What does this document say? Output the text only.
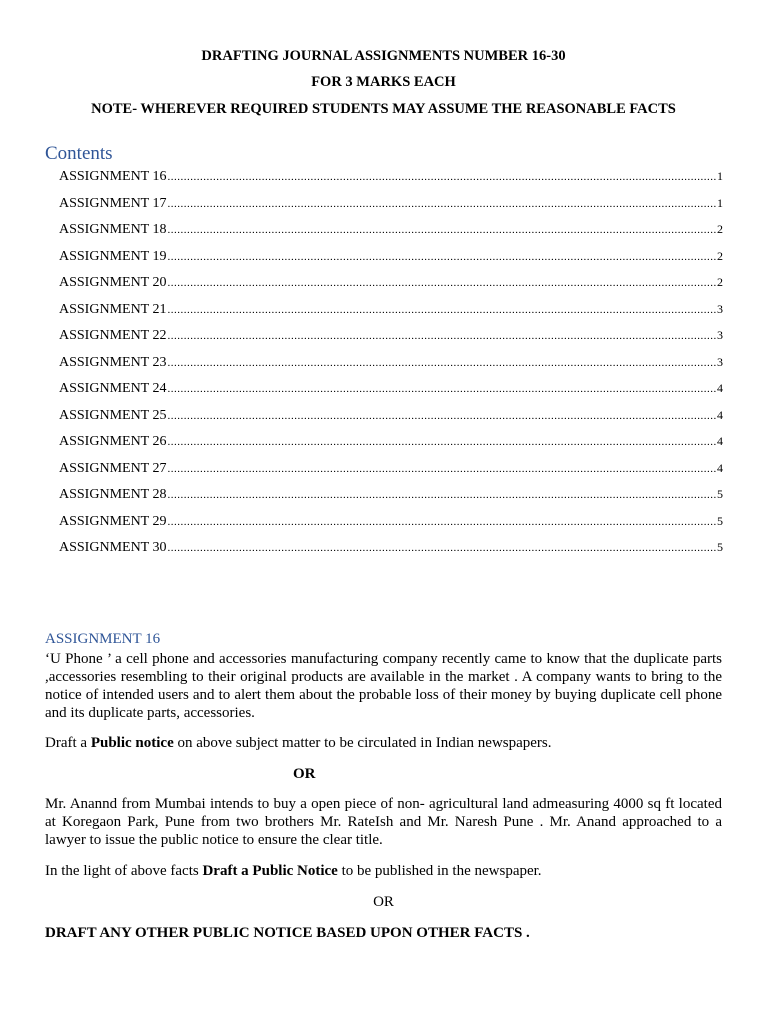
DRAFTING JOURNAL ASSIGNMENTS NUMBER 16-30

FOR 3 MARKS EACH

NOTE- WHEREVER REQUIRED STUDENTS MAY ASSUME THE REASONABLE FACTS

Contents
ASSIGNMENT 16 .....	1
ASSIGNMENT 17 .....	1
ASSIGNMENT 18 .....	2
ASSIGNMENT 19 .....	2
ASSIGNMENT 20 .....	2
ASSIGNMENT 21 .....	3
ASSIGNMENT 22 .....	3
ASSIGNMENT 23 .....	3
ASSIGNMENT 24 .....	4
ASSIGNMENT 25 .....	4
ASSIGNMENT 26 .....	4
ASSIGNMENT 27 .....	4
ASSIGNMENT 28 .....	5
ASSIGNMENT 29 .....	5
ASSIGNMENT 30 .....	5

ASSIGNMENT 16

‘U Phone ’ a cell phone and accessories manufacturing company recently came to know that the duplicate parts ,accessories resembling to their original products are available in the market . A company wants to bring to the notice of intended users and to alert them about the probable loss of their money by buying duplicate cell phone and its duplicate parts, accessories.

Draft a Public notice on above subject matter to be circulated in Indian newspapers.

OR

Mr. Anannd from Mumbai intends to buy a open piece of non- agricultural land admeasuring 4000 sq ft located at Koregaon Park, Pune from two brothers Mr. RateIsh and Mr. Naresh Pune . Mr. Anand approached to a lawyer to issue the public notice to ensure the clear title.

In the light of above facts Draft a Public Notice to be published in the newspaper.

OR

DRAFT ANY OTHER PUBLIC NOTICE BASED UPON OTHER FACTS .
